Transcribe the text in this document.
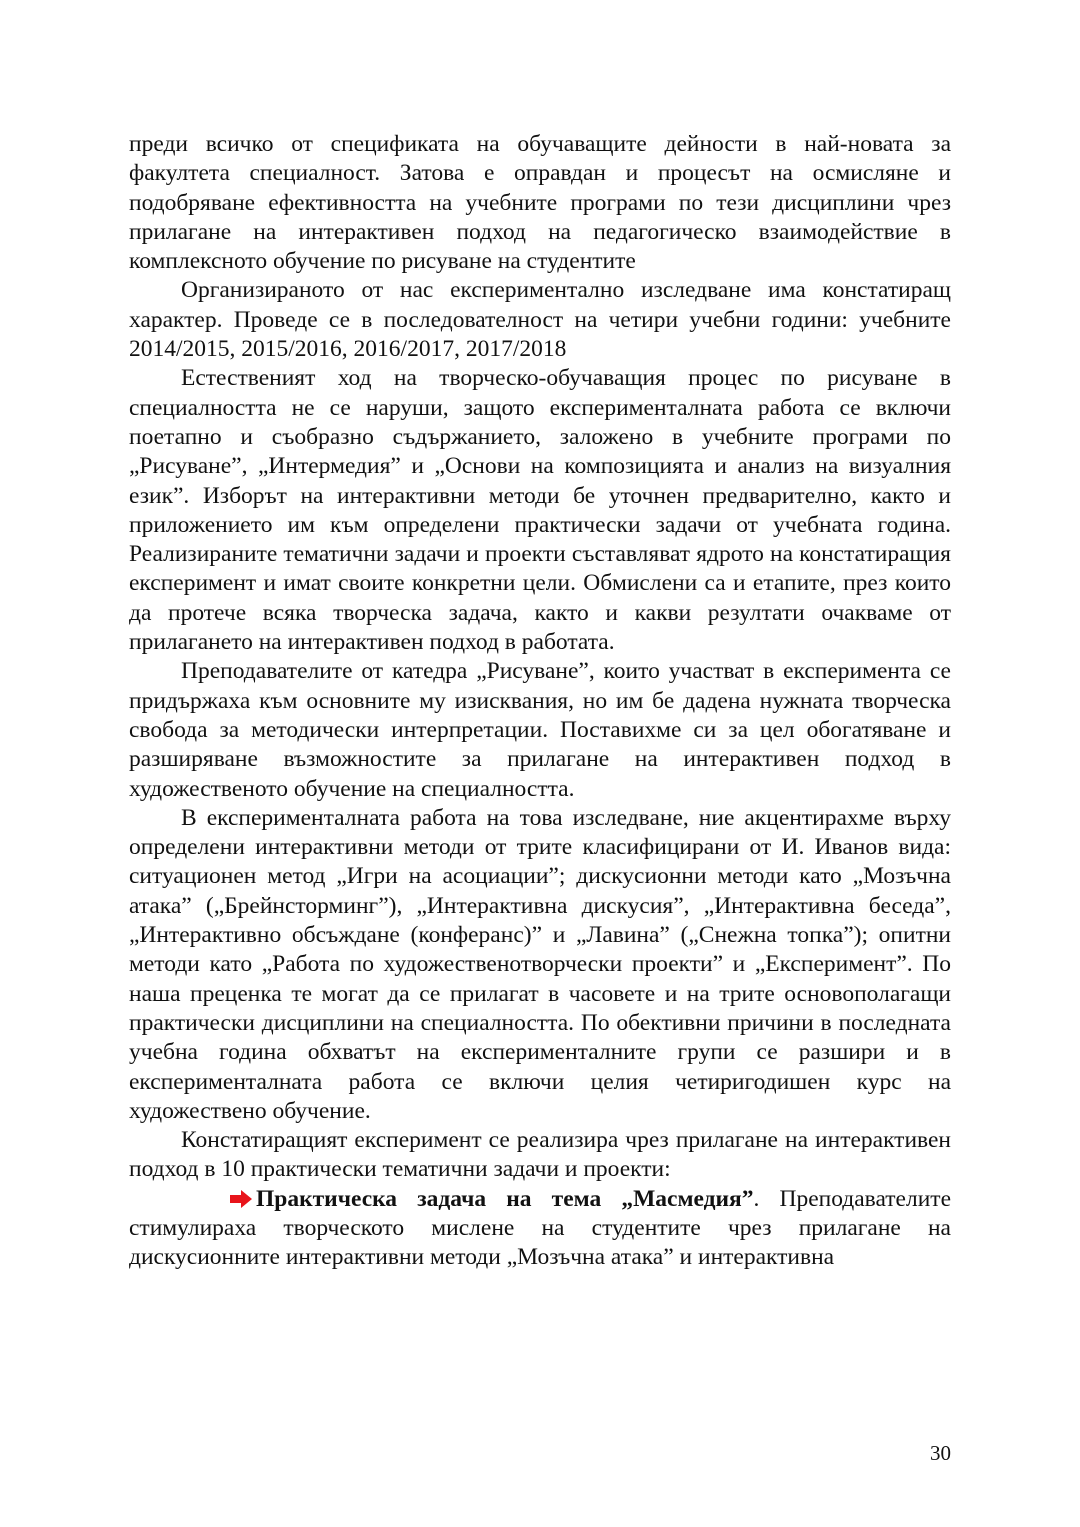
преди всичко от спецификата на обучаващите дейности в най-новата за факултета специалност. Затова е оправдан и процесът на осмисляне и подобряване ефективността на учебните програми по тези дисциплини чрез прилагане на интерактивен подход на педагогическо взаимодействие в комплексното обучение по рисуване на студентите

Организираното от нас експериментално изследване има констатиращ характер. Проведе се в последователност на четири учебни години: учебните 2014/2015, 2015/2016, 2016/2017, 2017/2018

Естественият ход на творческо-обучаващия процес по рисуване в специалността не се наруши, защото експерименталната работа се включи поетапно и съобразно съдържанието, заложено в учебните програми по „Рисуване”, „Интермедия” и „Основи на композицията и анализ на визуалния език”. Изборът на интерактивни методи бе уточнен предварително, както и приложението им към определени практически задачи от учебната година. Реализираните тематични задачи и проекти съставляват ядрото на констатиращия експеримент и имат своите конкретни цели. Обмислени са и етапите, през които да протече всяка творческа задача, както и какви резултати очакваме от прилагането на интерактивен подход в работата.

Преподавателите от катедра „Рисуване”, които участват в експеримента се придържаха към основните му изисквания, но им бе дадена нужната творческа свобода за методически интерпретации. Поставихме си за цел обогатяване и разширяване възможностите за прилагане на интерактивен подход в художественото обучение на специалността.

В експерименталната работа на това изследване, ние акцентирахме върху определени интерактивни методи от трите класифицирани от И. Иванов вида: ситуационен метод „Игри на асоциации”; дискусионни методи като „Мозъчна атака” („Брейнсторминг”), „Интерактивна дискусия”, „Интерактивна беседа”, „Интерактивно обсъждане (конферанс)” и „Лавина” („Снежна топка”); опитни методи като „Работа по художественотворчески проекти” и „Експеримент”. По наша преценка те могат да се прилагат в часовете и на трите основополагащи практически дисциплини на специалността. По обективни причини в последната учебна година обхватът на експерименталните групи се разшири и в експерименталната работа се включи целия четиригодишен курс на художествено обучение.

Констатиращият експеримент се реализира чрез прилагане на интерактивен подход в 10 практически тематични задачи и проекти:

Практическа задача на тема „Масмедия”. Преподавателите стимулираха творческото мислене на студентите чрез прилагане на дискусионните интерактивни методи „Мозъчна атака” и интерактивна

30
